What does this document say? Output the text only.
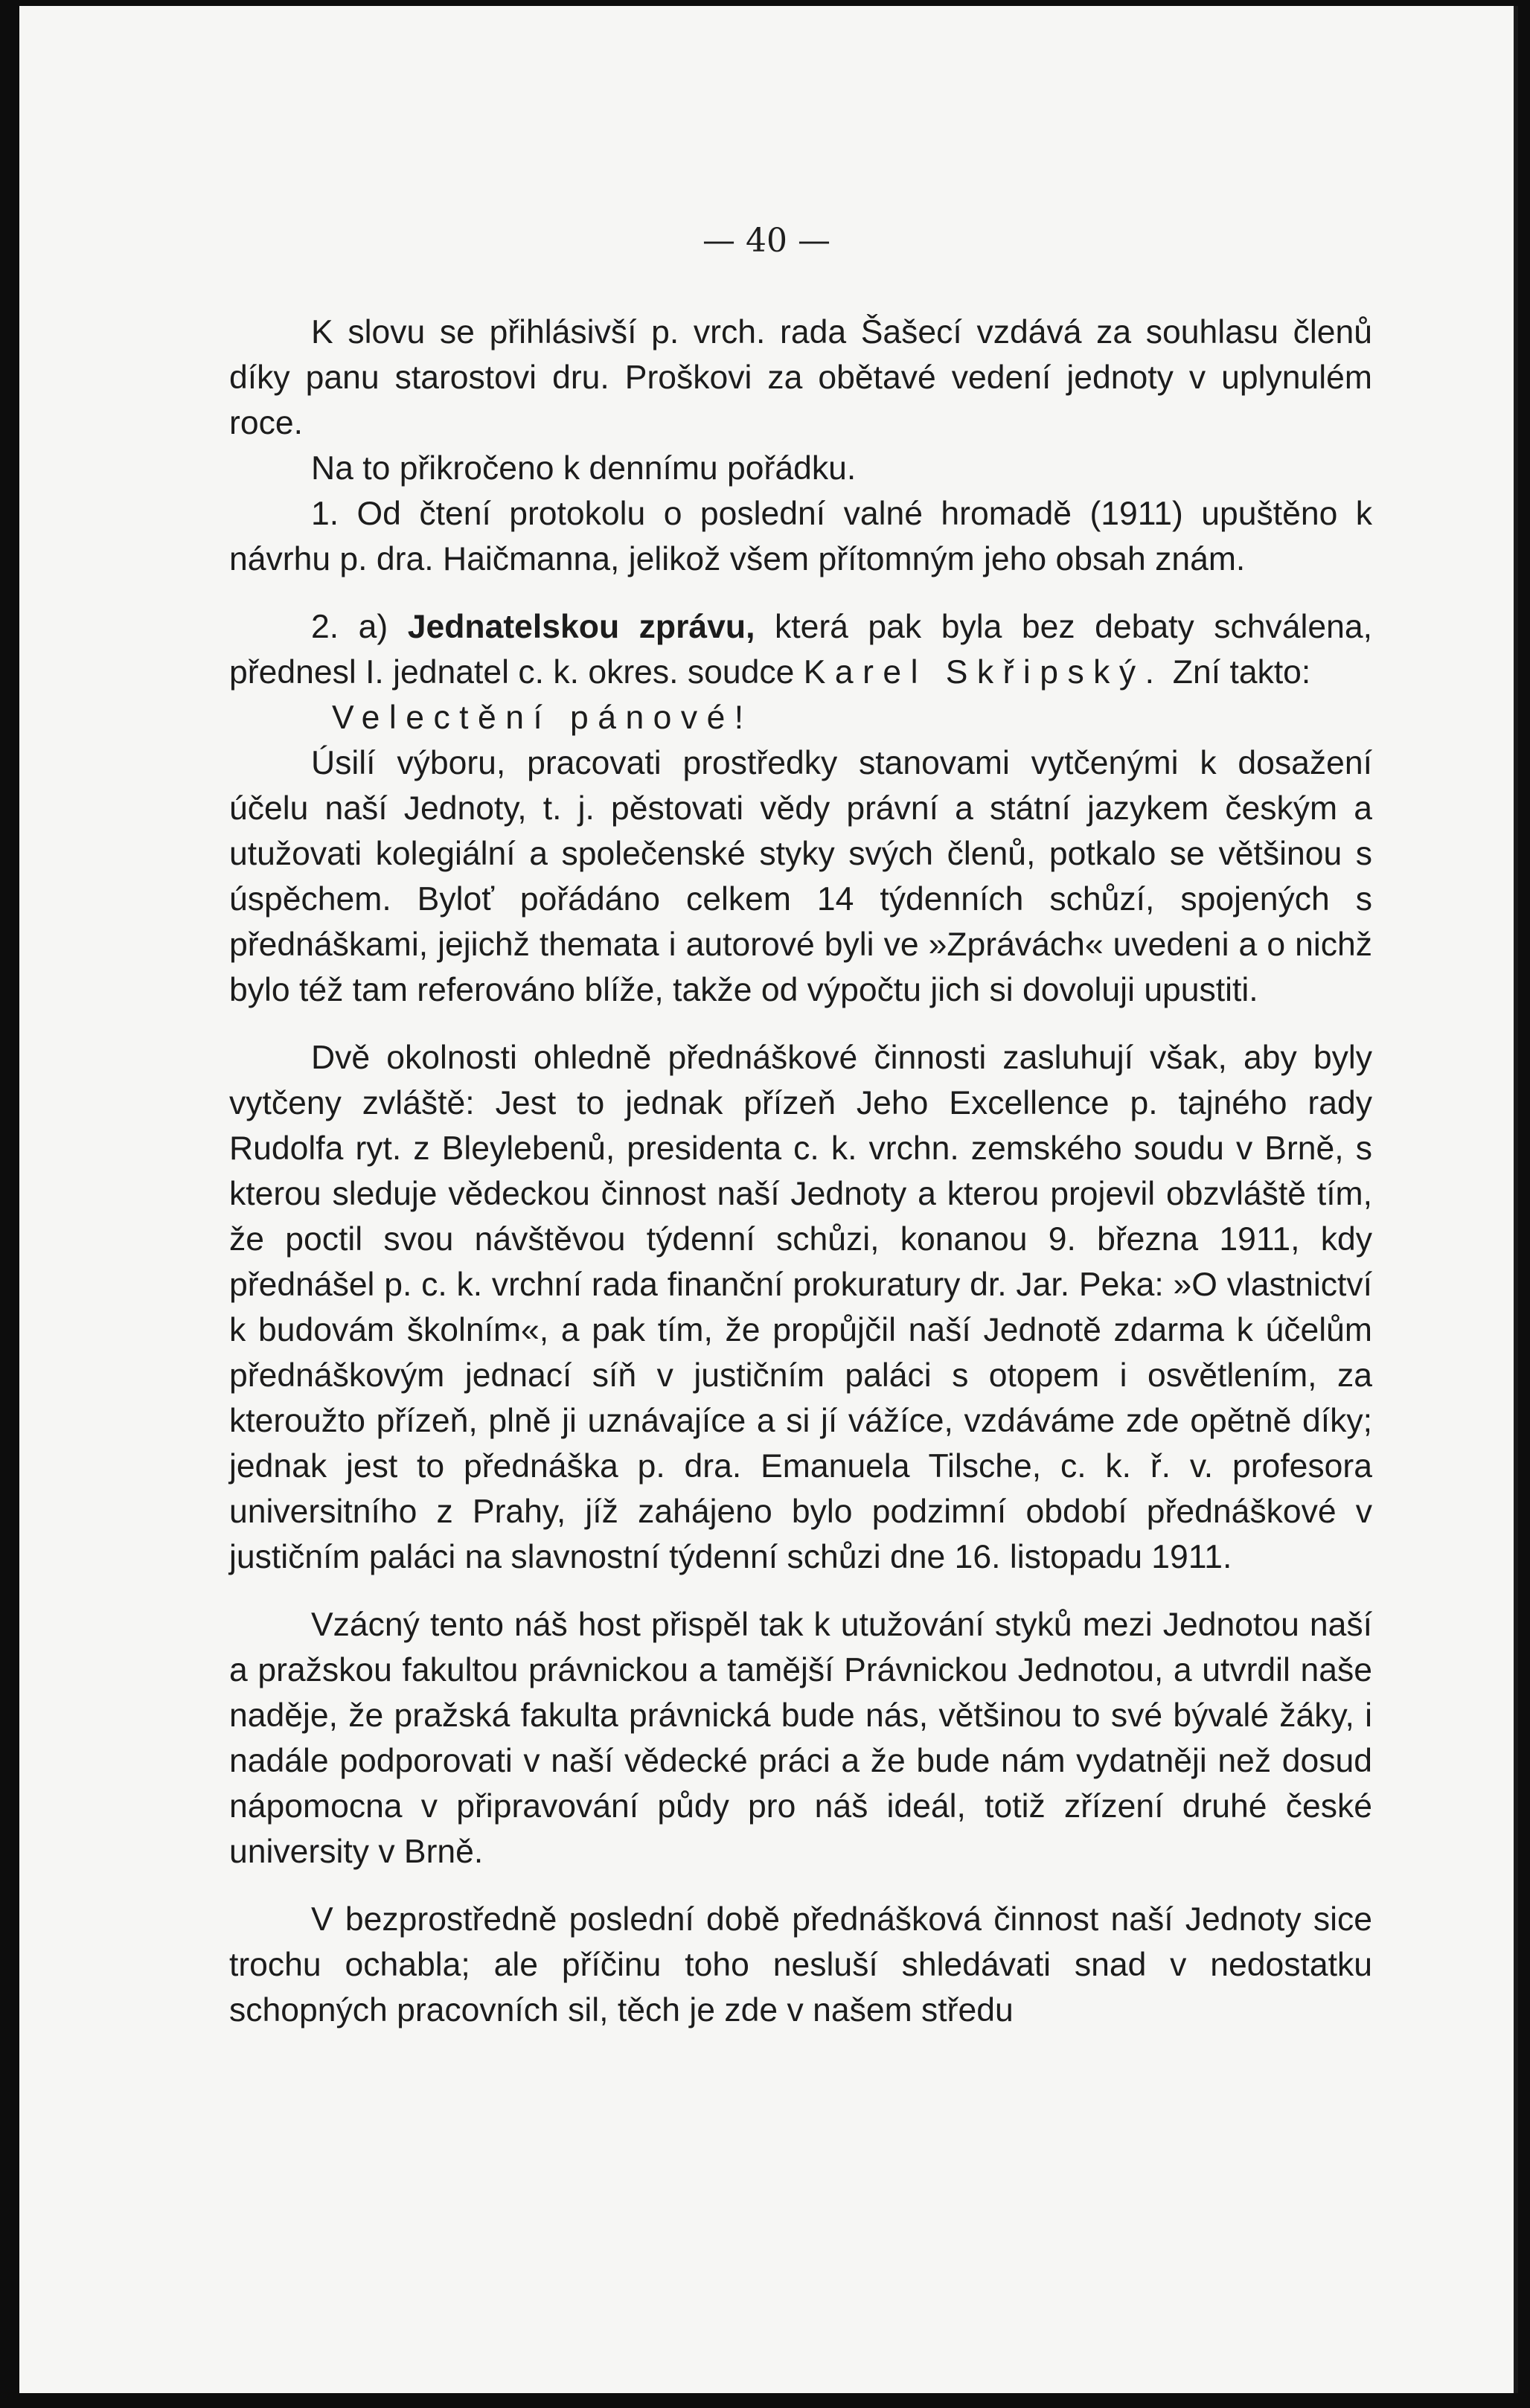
— 40 —

K slovu se přihlásivší p. vrch. rada Šašecí vzdává za souhlasu členů díky panu starostovi dru. Proškovi za obětavé vedení jednoty v uplynulém roce.

Na to přikročeno k dennímu pořádku.

1. Od čtení protokolu o poslední valné hromadě (1911) upuštěno k návrhu p. dra. Haičmanna, jelikož všem přítomným jeho obsah znám.

2. a) Jednatelskou zprávu, která pak byla bez debaty schválena, přednesl I. jednatel c. k. okres. soudce Karel Skřipský. Zní takto:

Velectění pánové!

Úsilí výboru, pracovati prostředky stanovami vytčenými k dosažení účelu naší Jednoty, t. j. pěstovati vědy právní a státní jazykem českým a utužovati kolegiální a společenské styky svých členů, potkalo se většinou s úspěchem. Byloť pořádáno celkem 14 týdenních schůzí, spojených s přednáškami, jejichž themata i autorové byli ve »Zprávách« uvedeni a o nichž bylo též tam referováno blíže, takže od výpočtu jich si dovoluji upustiti.

Dvě okolnosti ohledně přednáškové činnosti zasluhují však, aby byly vytčeny zvláště: Jest to jednak přízeň Jeho Excellence p. tajného rady Rudolfa ryt. z Bleylebenů, presidenta c. k. vrchn. zemského soudu v Brně, s kterou sleduje vědeckou činnost naší Jednoty a kterou projevil obzvláště tím, že poctil svou návštěvou týdenní schůzi, konanou 9. března 1911, kdy přednášel p. c. k. vrchní rada finanční prokuratury dr. Jar. Peka: »O vlastnictví k budovám školním«, a pak tím, že propůjčil naší Jednotě zdarma k účelům přednáškovým jednací síň v justičním paláci s otopem i osvětlením, za kteroužto přízeň, plně ji uznávajíce a si jí vážíce, vzdáváme zde opětně díky; jednak jest to přednáška p. dra. Emanuela Tilsche, c. k. ř. v. profesora universitního z Prahy, jíž zahájeno bylo podzimní období přednáškové v justičním paláci na slavnostní týdenní schůzi dne 16. listopadu 1911.

Vzácný tento náš host přispěl tak k utužování styků mezi Jednotou naší a pražskou fakultou právnickou a tamější Právnickou Jednotou, a utvrdil naše naděje, že pražská fakulta právnická bude nás, většinou to své bývalé žáky, i nadále podporovati v naší vědecké práci a že bude nám vydatněji než dosud nápomocna v připravování půdy pro náš ideál, totiž zřízení druhé české university v Brně.

V bezprostředně poslední době přednášková činnost naší Jednoty sice trochu ochabla; ale příčinu toho nesluší shledávati snad v nedostatku schopných pracovních sil, těch je zde v našem středu
